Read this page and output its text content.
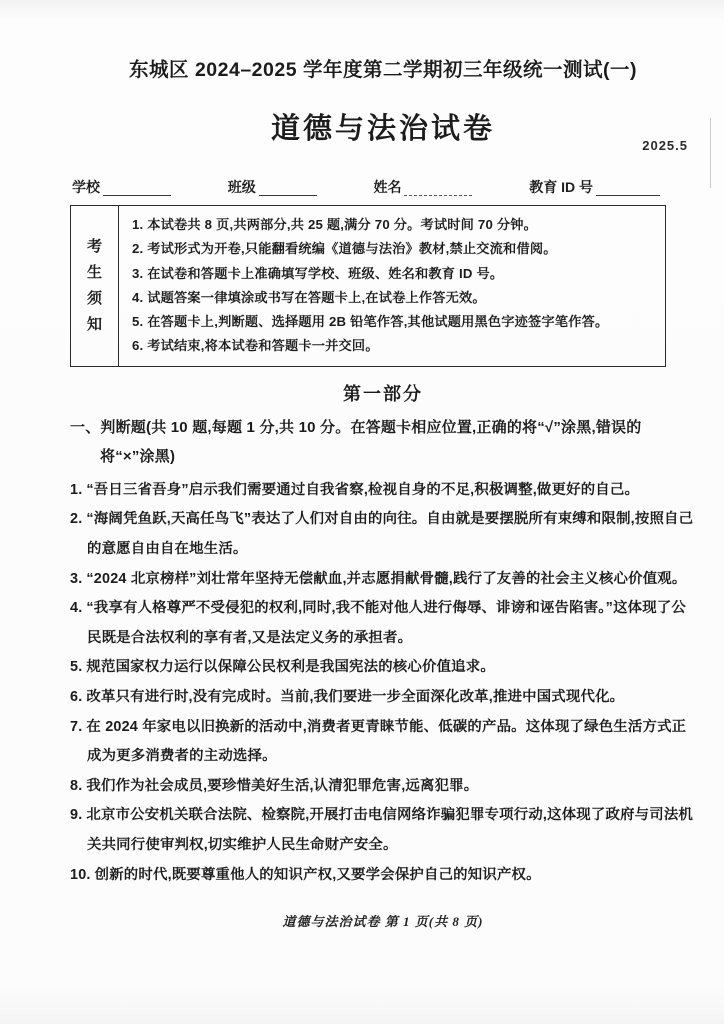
东城区 2024–2025 学年度第二学期初三年级统一测试(一)
道德与法治试卷
2025.5
学校	班级	姓名	教育 ID 号
考生须知

1. 本试卷共 8 页,共两部分,共 25 题,满分 70 分。考试时间 70 分钟。

2. 考试形式为开卷,只能翻看统编《道德与法治》教材,禁止交流和借阅。

3. 在试卷和答题卡上准确填写学校、班级、姓名和教育 ID 号。

4. 试题答案一律填涂或书写在答题卡上,在试卷上作答无效。

5. 在答题卡上,判断题、选择题用 2B 铅笔作答,其他试题用黑色字迹签字笔作答。

6. 考试结束,将本试卷和答题卡一并交回。

第一部分

一、判断题(共 10 题,每题 1 分,共 10 分。在答题卡相应位置,正确的将“√”涂黑,错误的将“×”涂黑)

1. “吾日三省吾身”启示我们需要通过自我省察,检视自身的不足,积极调整,做更好的自己。

2. “海阔凭鱼跃,天高任鸟飞”表达了人们对自由的向往。自由就是要摆脱所有束缚和限制,按照自己的意愿自由自在地生活。

3. “2024 北京榜样”刘壮常年坚持无偿献血,并志愿捐献骨髓,践行了友善的社会主义核心价值观。

4. “我享有人格尊严不受侵犯的权利,同时,我不能对他人进行侮辱、诽谤和诬告陷害。”这体现了公民既是合法权利的享有者,又是法定义务的承担者。

5. 规范国家权力运行以保障公民权利是我国宪法的核心价值追求。

6. 改革只有进行时,没有完成时。当前,我们要进一步全面深化改革,推进中国式现代化。

7. 在 2024 年家电以旧换新的活动中,消费者更青睐节能、低碳的产品。这体现了绿色生活方式正成为更多消费者的主动选择。

8. 我们作为社会成员,要珍惜美好生活,认清犯罪危害,远离犯罪。

9. 北京市公安机关联合法院、检察院,开展打击电信网络诈骗犯罪专项行动,这体现了政府与司法机关共同行使审判权,切实维护人民生命财产安全。

10. 创新的时代,既要尊重他人的知识产权,又要学会保护自己的知识产权。

道德与法治试卷 第 1 页(共 8 页)
